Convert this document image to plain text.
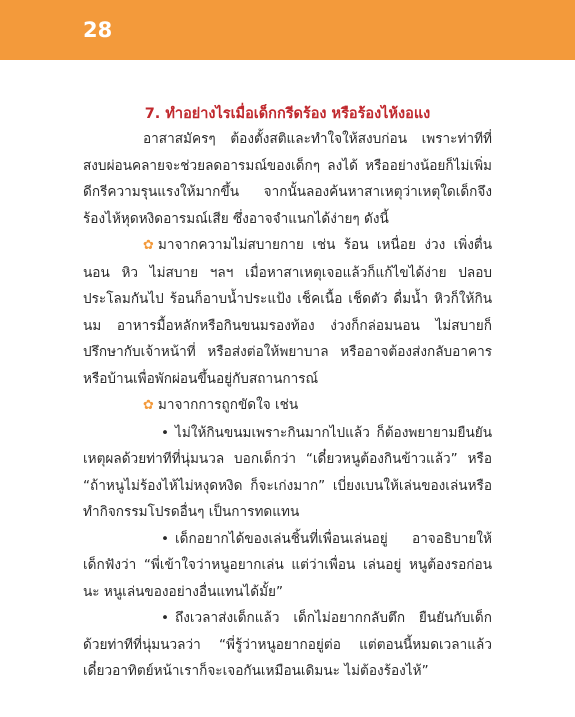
28
7. ทำอย่างไรเมื่อเด็กกรีดร้อง หรือร้องไห้งอแง

อาสาสมัครๆ ต้องตั้งสติและทำใจให้สงบก่อน เพราะท่าทีที่สงบผ่อนคลายจะช่วยลดอารมณ์ของเด็กๆ ลงได้ หรืออย่างน้อยก็ไม่เพิ่มดีกรีความรุนแรงให้มากขึ้น จากนั้นลองค้นหาสาเหตุว่าเหตุใดเด็กจึงร้องไห้หุดหงิดอารมณ์เสีย ซึ่งอาจจำแนกได้ง่ายๆ ดังนี้

✿ มาจากความไม่สบายกาย เช่น ร้อน เหนื่อย ง่วง เพิ่งตื่นนอน หิว ไม่สบาย ฯลฯ เมื่อหาสาเหตุเจอแล้วก็แก้ไขได้ง่าย ปลอบประโลมกันไป ร้อนก็อาบน้ำประแป้ง เช็คเนื้อ เช็ดตัว ดื่มน้ำ หิวก็ให้กินนม อาหารมื้อหลักหรือกินขนมรองท้อง ง่วงก็กล่อมนอน ไม่สบายก็ปรึกษากับเจ้าหน้าที่ หรือส่งต่อให้พยาบาล หรืออาจต้องส่งกลับอาคารหรือบ้านเพื่อพักผ่อนขึ้นอยู่กับสถานการณ์

✿ มาจากการถูกขัดใจ เช่น

• ไม่ให้กินขนมเพราะกินมากไปแล้ว ก็ต้องพยายามยืนยันเหตุผลด้วยท่าทีที่นุ่มนวล บอกเด็กว่า “เดี๋ยวหนูต้องกินข้าวแล้ว” หรือ “ถ้าหนูไม่ร้องไห้ไม่หงุดหงิด ก็จะเก่งมาก” เบี่ยงเบนให้เล่นของเล่นหรือทำกิจกรรมโปรดอื่นๆ เป็นการทดแทน

• เด็กอยากได้ของเล่นชิ้นที่เพื่อนเล่นอยู่ อาจอธิบายให้เด็กฟังว่า “พี่เข้าใจว่าหนูอยากเล่น แต่ว่าเพื่อน เล่นอยู่ หนูต้องรอก่อนนะ หนูเล่นของอย่างอื่นแทนได้มั้ย”

• ถึงเวลาส่งเด็กแล้ว เด็กไม่อยากกลับตึก ยืนยันกับเด็กด้วยท่าทีที่นุ่มนวลว่า “พี่รู้ว่าหนูอยากอยู่ต่อ แต่ตอนนี้หมดเวลาแล้ว เดี๋ยวอาทิตย์หน้าเราก็จะเจอกันเหมือนเดิมนะ ไม่ต้องร้องไห้”
